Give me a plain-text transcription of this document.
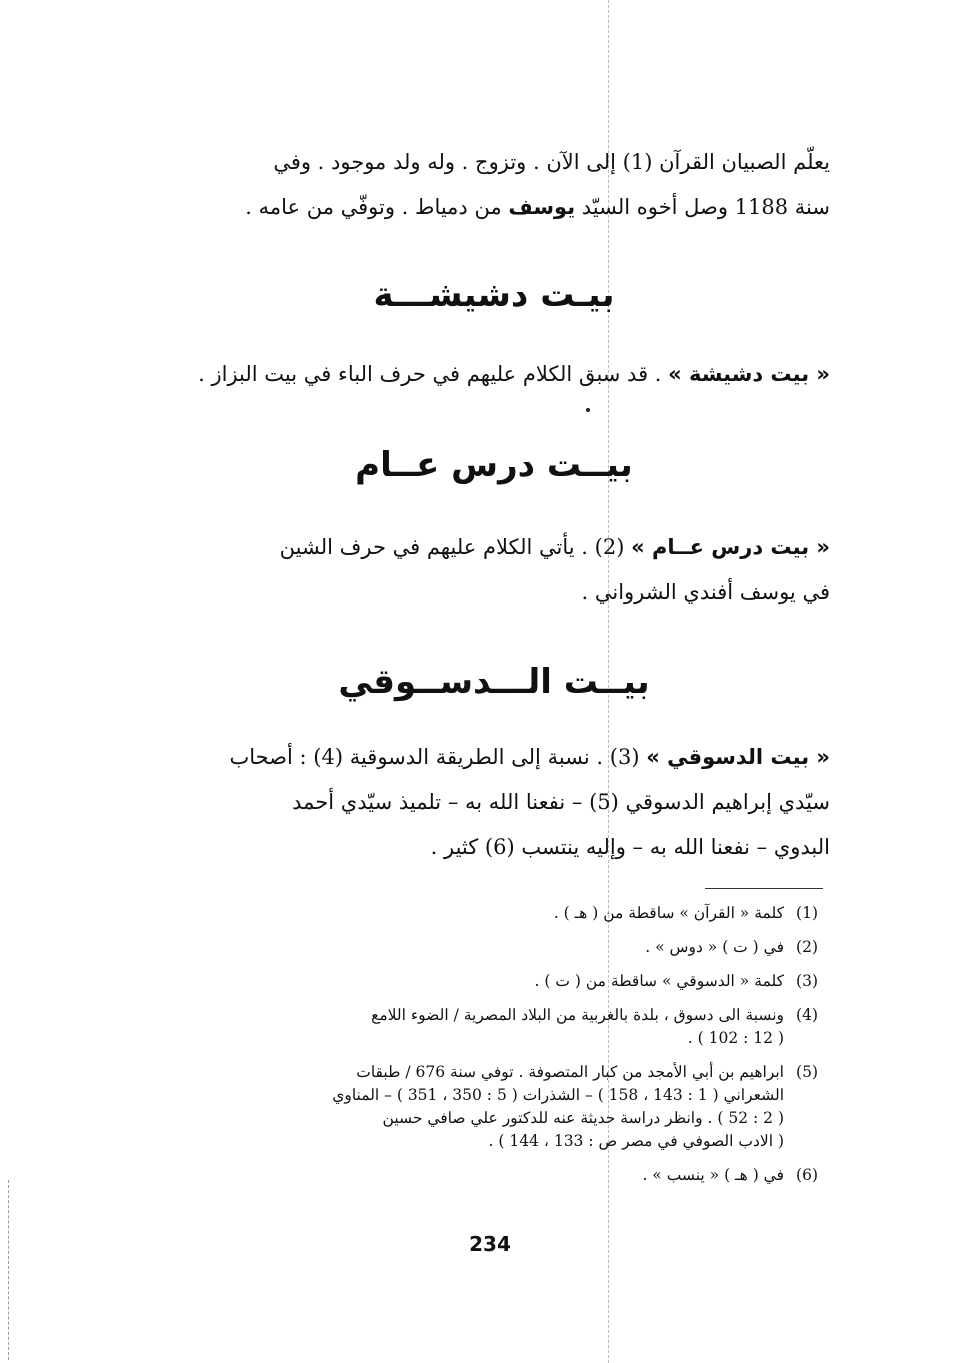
يعلّم الصبيان القرآن (1) إلى الآن . وتزوج . وله ولد موجود . وفي
سنة 1188 وصل أخوه السيّد يوسف من دمياط . وتوفّي من عامه .
بيـت دشيشـــة
« بيت دشيشة » . قد سبق الكلام عليهم في حرف الباء في بيت البزاز .
بيــت درس عــام
« بيت درس عــام » (2) . يأتي الكلام عليهم في حرف الشين
في يوسف أفندي الشرواني .
بيــت الـــدســوقي
« بيت الدسوقي » (3) . نسبة إلى الطريقة الدسوقية (4) : أصحاب
سيّدي إبراهيم الدسوقي (5) – نفعنا الله به – تلميذ سيّدي أحمد
البدوي – نفعنا الله به – وإليه ينتسب (6) كثير .
(1)
كلمة « القرآن » ساقطة من ( هـ ) .
(2)
في ( ت ) « دوس » .
(3)
كلمة « الدسوقي » ساقطة من ( ت ) .
(4)
ونسبة الى دسوق ، بلدة بالغربية من البلاد المصرية / الضوء اللامع
( 12 : 102 ) .
(5)
ابراهيم بن أبي الأمجد من كبار المتصوفة . توفي سنة 676 / طبقات
الشعراني ( 1 : 143 ، 158 ) – الشذرات ( 5 : 350 ، 351 ) – المناوي
( 2 : 52 ) . وانظر دراسة حديثة عنه للدكتور علي صافي حسين
( الادب الصوفي في مصر ص : 133 ، 144 ) .
(6)
في ( هـ ) « ينسب » .
234
